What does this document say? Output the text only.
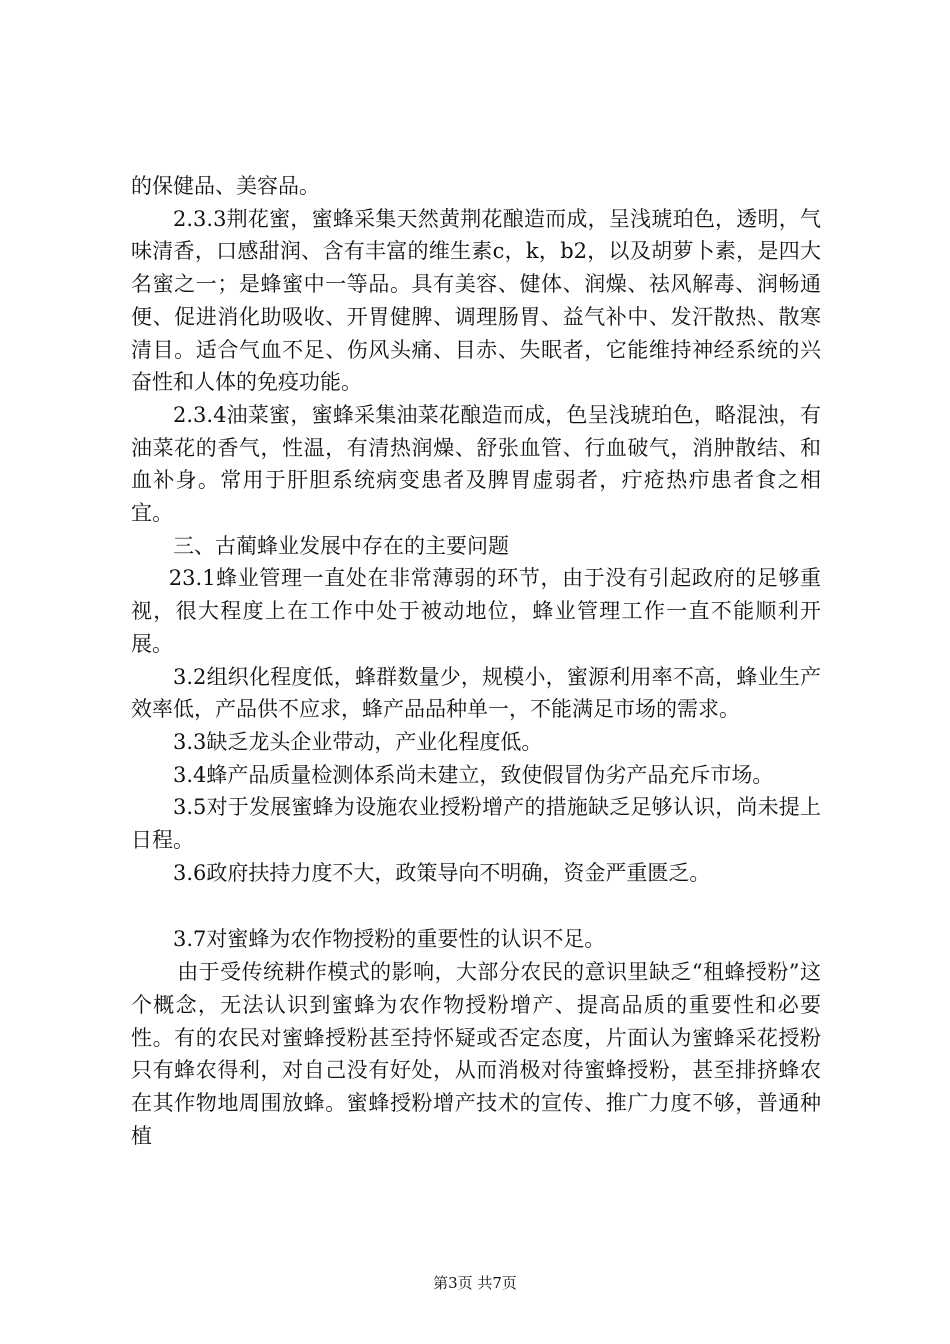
的保健品、美容品。

2.3.3荆花蜜，蜜蜂采集天然黄荆花酿造而成，呈浅琥珀色，透明，气味清香，口感甜润、含有丰富的维生素c，k，b2，以及胡萝卜素，是四大名蜜之一；是蜂蜜中一等品。具有美容、健体、润燥、祛风解毒、润畅通便、促进消化助吸收、开胃健脾、调理肠胃、益气补中、发汗散热、散寒清目。适合气血不足、伤风头痛、目赤、失眠者，它能维持神经系统的兴奋性和人体的免疫功能。

2.3.4油菜蜜，蜜蜂采集油菜花酿造而成，色呈浅琥珀色，略混浊，有油菜花的香气，性温，有清热润燥、舒张血管、行血破气，消肿散结、和血补身。常用于肝胆系统病变患者及脾胃虚弱者，疔疮热疖患者食之相宜。

三、古蔺蜂业发展中存在的主要问题

23.1蜂业管理一直处在非常薄弱的环节，由于没有引起政府的足够重视，很大程度上在工作中处于被动地位，蜂业管理工作一直不能顺利开展。

3.2组织化程度低，蜂群数量少，规模小，蜜源利用率不高，蜂业生产效率低，产品供不应求，蜂产品品种单一，不能满足市场的需求。

3.3缺乏龙头企业带动，产业化程度低。

3.4蜂产品质量检测体系尚未建立，致使假冒伪劣产品充斥市场。

3.5对于发展蜜蜂为设施农业授粉增产的措施缺乏足够认识，尚未提上日程。

3.6政府扶持力度不大，政策导向不明确，资金严重匮乏。

3.7对蜜蜂为农作物授粉的重要性的认识不足。

由于受传统耕作模式的影响，大部分农民的意识里缺乏“租蜂授粉”这个概念，无法认识到蜜蜂为农作物授粉增产、提高品质的重要性和必要性。有的农民对蜜蜂授粉甚至持怀疑或否定态度，片面认为蜜蜂采花授粉只有蜂农得利，对自己没有好处，从而消极对待蜜蜂授粉，甚至排挤蜂农在其作物地周围放蜂。蜜蜂授粉增产技术的宣传、推广力度不够，普通种植

第3页 共7页
